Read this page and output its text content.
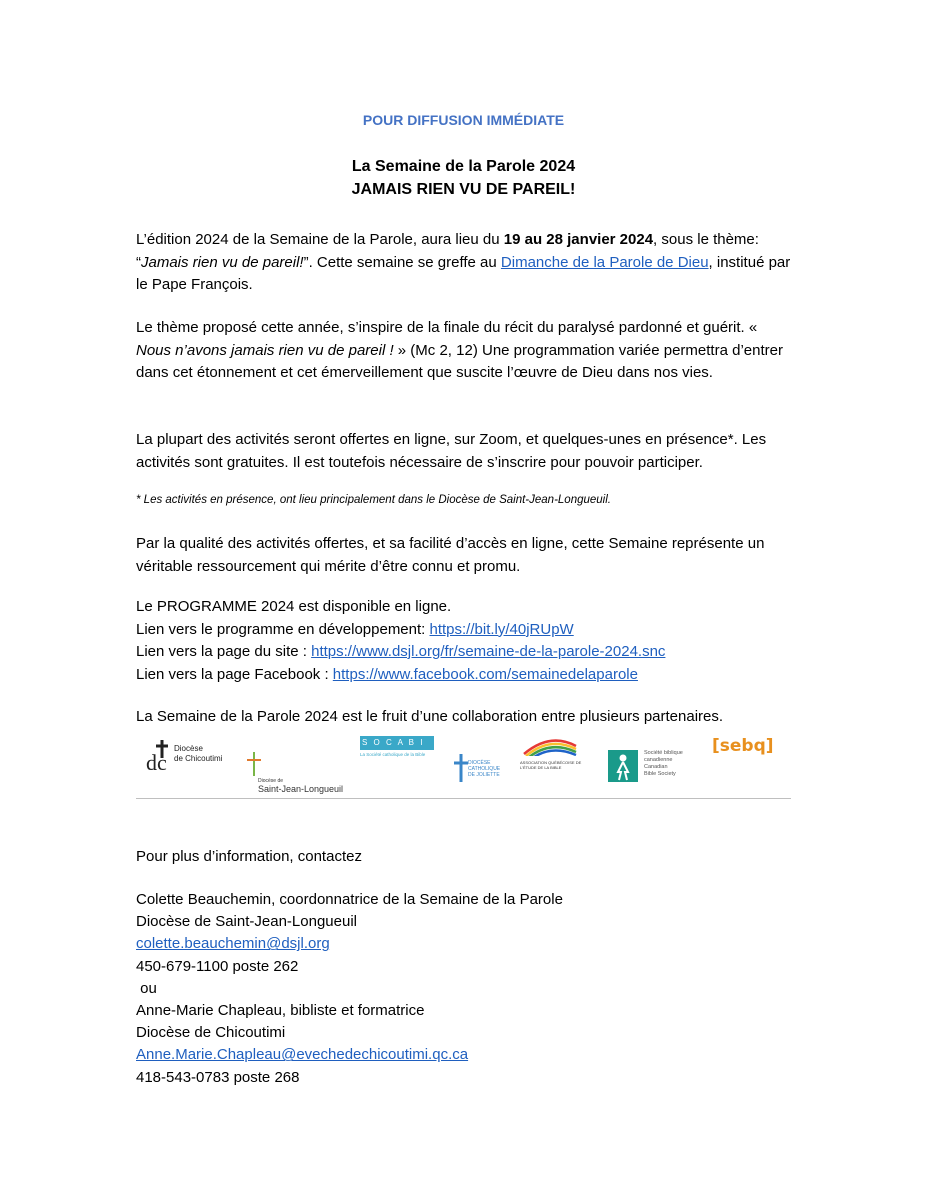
POUR DIFFUSION IMMÉDIATE
La Semaine de la Parole 2024
JAMAIS RIEN VU DE PAREIL!
L’édition 2024 de la Semaine de la Parole, aura lieu du 19 au 28 janvier 2024, sous le thème: “Jamais rien vu de pareil!”. Cette semaine se greffe au Dimanche de la Parole de Dieu, institué par le Pape François.
Le thème proposé cette année, s’inspire de la finale du récit du paralysé pardonné et guérit. « Nous n’avons jamais rien vu de pareil ! » (Mc 2, 12) Une programmation variée permettra d’entrer dans cet étonnement et cet émerveillement que suscite l’œuvre de Dieu dans nos vies.
La plupart des activités seront offertes en ligne, sur Zoom, et quelques-unes en présence*. Les activités sont gratuites. Il est toutefois nécessaire de s’inscrire pour pouvoir participer.
* Les activités en présence, ont lieu principalement dans le Diocèse de Saint-Jean-Longueuil.
Par la qualité des activités offertes, et sa facilité d’accès en ligne, cette Semaine représente un véritable ressourcement qui mérite d’être connu et promu.
Le PROGRAMME 2024 est disponible en ligne.
Lien vers le programme en développement: https://bit.ly/40jRUpW
Lien vers la page du site : https://www.dsjl.org/fr/semaine-de-la-parole-2024.snc
Lien vers la page Facebook : https://www.facebook.com/semainedelaparole
La Semaine de la Parole 2024 est le fruit d’une collaboration entre plusieurs partenaires.
dc
Diocèse
de Chicoutimi
Diocèse de
Saint-Jean-Longueuil
S O C A B I
La Société catholique de la Bible
DIOCÈSE
CATHOLIQUE
DE JOLIETTE
ASSOCIATION QUÉBÉCOISE DE
L'ÉTUDE DE LA BIBLE
Société biblique
canadienne
Canadian
Bible Society
[sebq]
Pour plus d’information, contactez
Colette Beauchemin, coordonnatrice de la Semaine de la Parole
Diocèse de Saint-Jean-Longueuil
colette.beauchemin@dsjl.org
450-679-1100 poste 262
ou
Anne-Marie Chapleau, bibliste et formatrice
Diocèse de Chicoutimi
Anne.Marie.Chapleau@evechedechicoutimi.qc.ca
418-543-0783 poste 268
